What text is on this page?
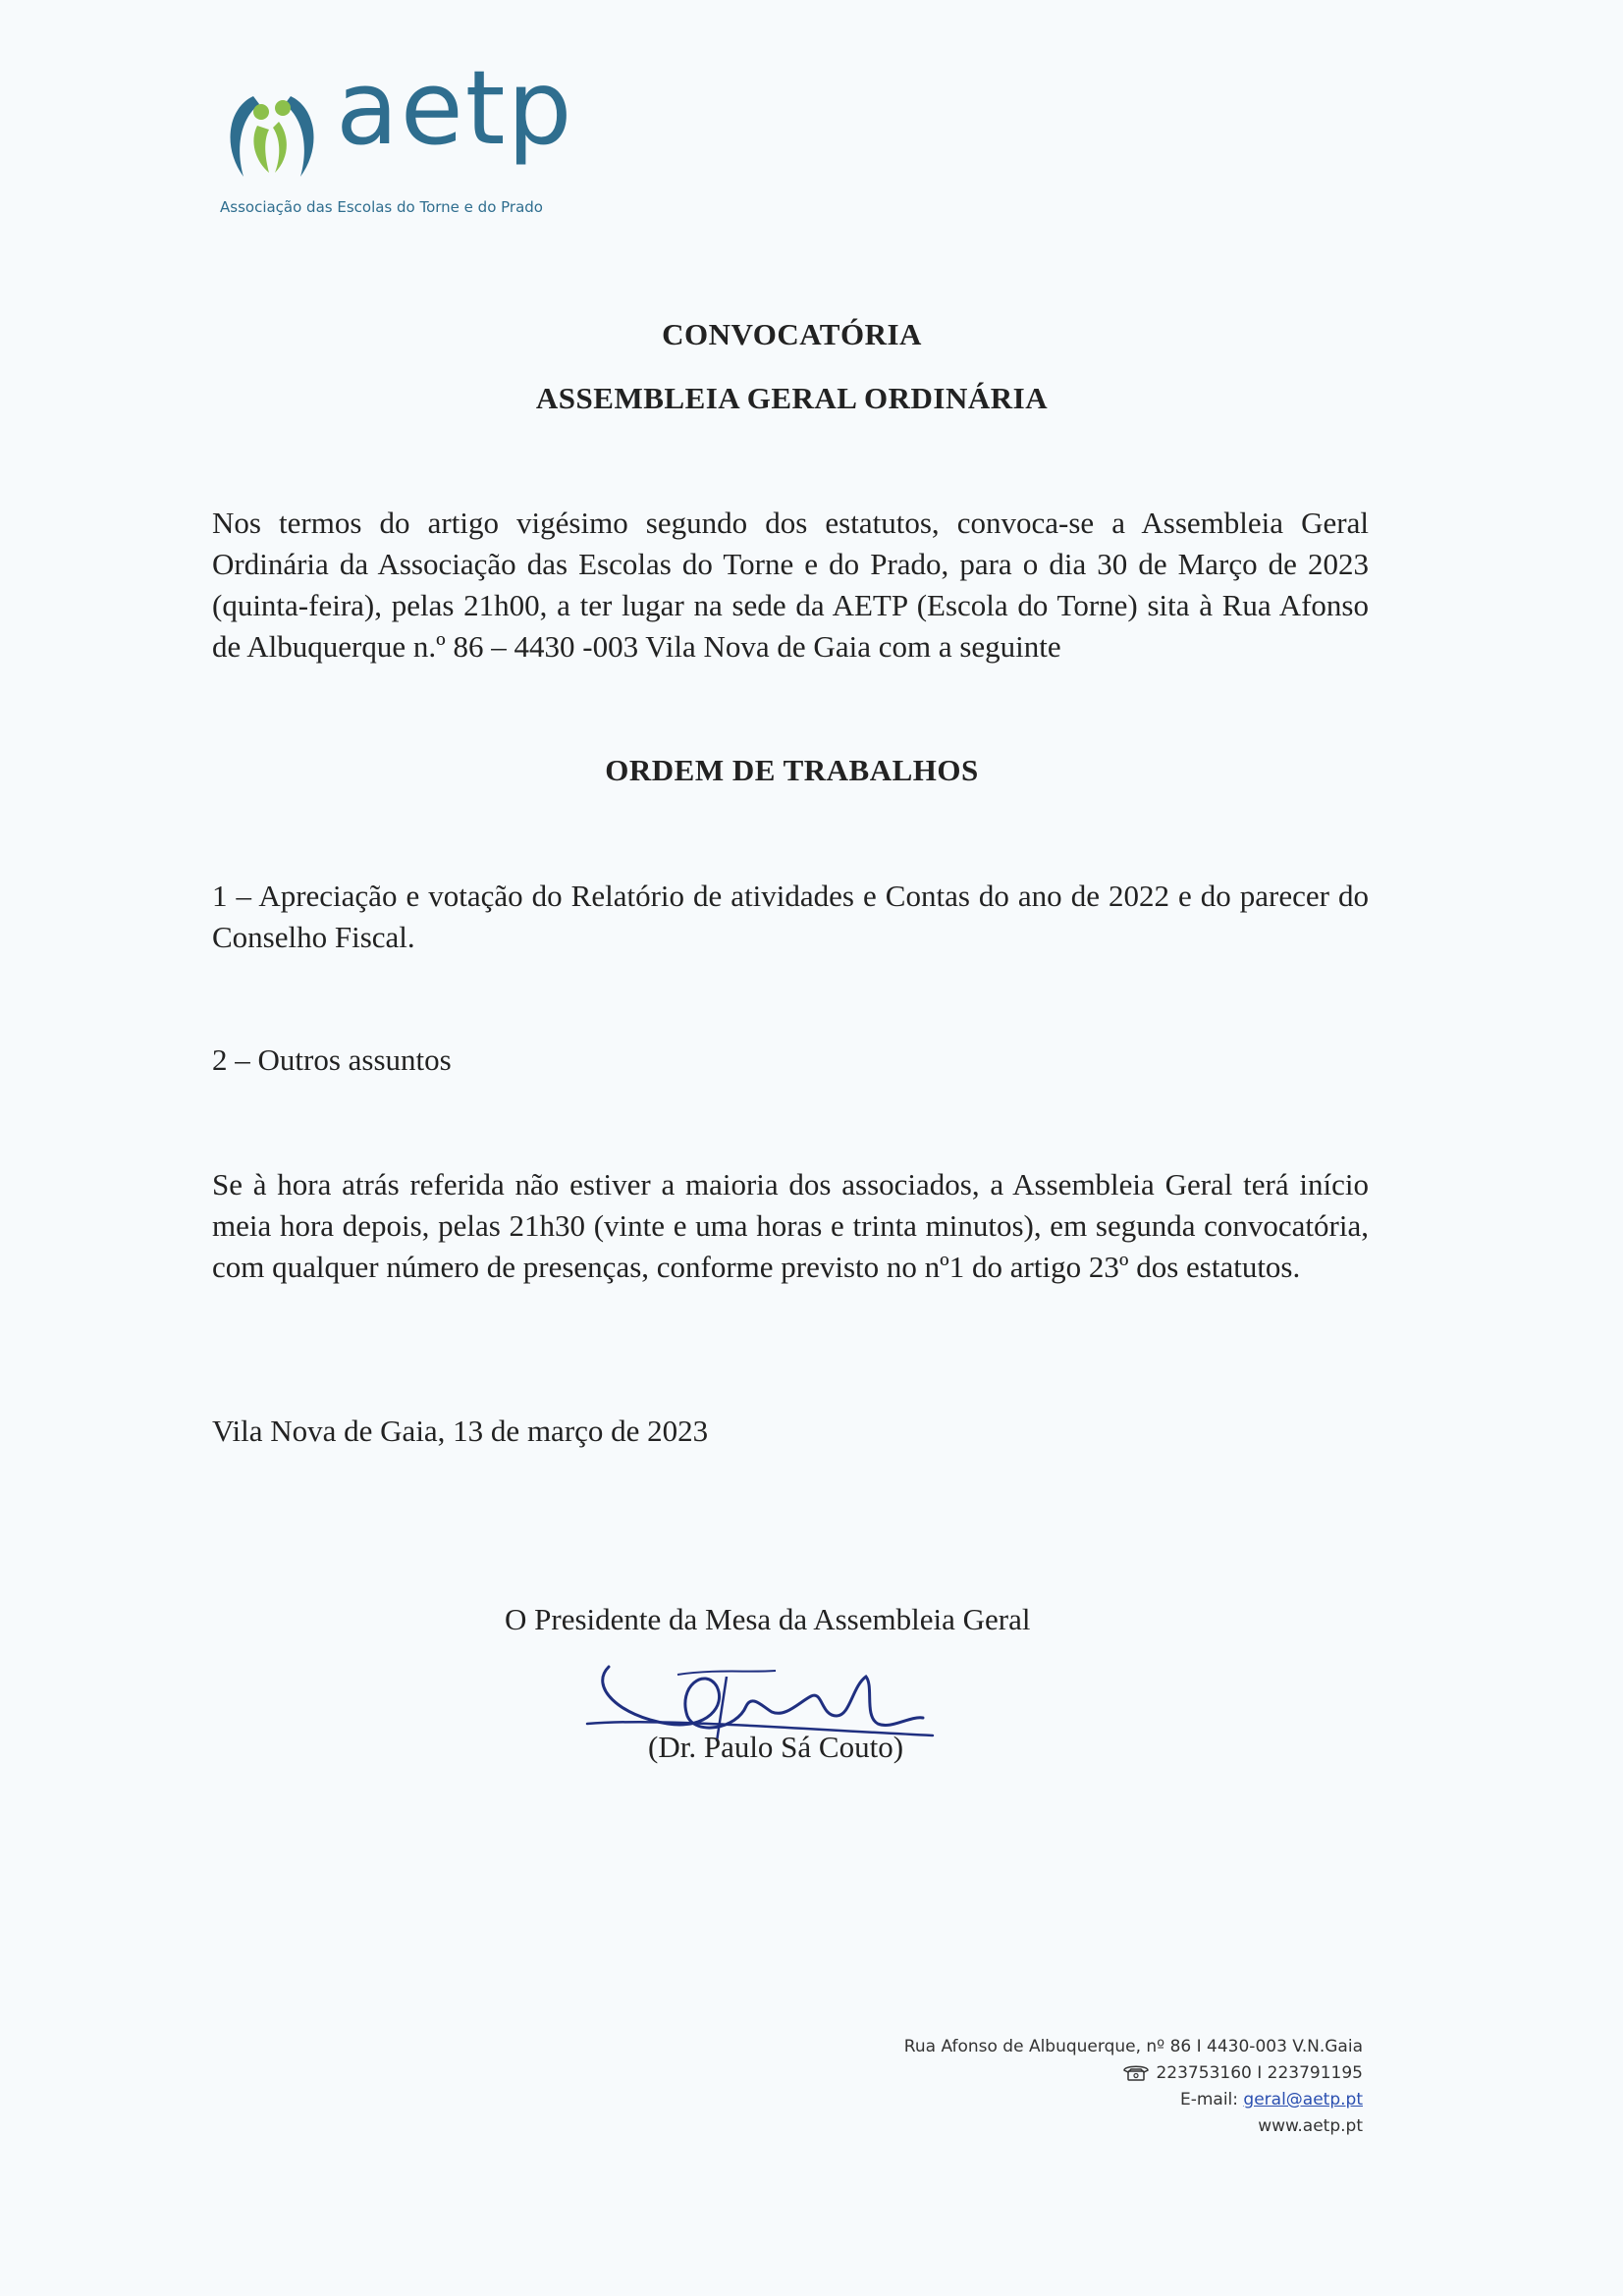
aetp
Associação das Escolas do Torne e do Prado
CONVOCATÓRIA
ASSEMBLEIA GERAL ORDINÁRIA
Nos termos do artigo vigésimo segundo dos estatutos, convoca-se a Assembleia Geral Ordinária da Associação das Escolas do Torne e do Prado, para o dia 30 de Março de 2023 (quinta-feira), pelas 21h00, a ter lugar na sede da AETP (Escola do Torne) sita à Rua Afonso de Albuquerque n.º 86 – 4430 -003 Vila Nova de Gaia com a seguinte
ORDEM DE TRABALHOS
1 – Apreciação e votação do Relatório de atividades e Contas do ano de 2022 e do parecer do Conselho Fiscal.
2 – Outros assuntos
Se à hora atrás referida não estiver a maioria dos associados, a Assembleia Geral terá início meia hora depois, pelas 21h30 (vinte e uma horas e trinta minutos), em segunda convocatória, com qualquer número de presenças, conforme previsto no nº1 do artigo 23º dos estatutos.
Vila Nova de Gaia, 13 de março de 2023
O Presidente da Mesa da Assembleia Geral
(Dr. Paulo Sá Couto)
Rua Afonso de Albuquerque, nº 86 I 4430-003 V.N.Gaia
223753160 I 223791195
E-mail: geral@aetp.pt
www.aetp.pt
